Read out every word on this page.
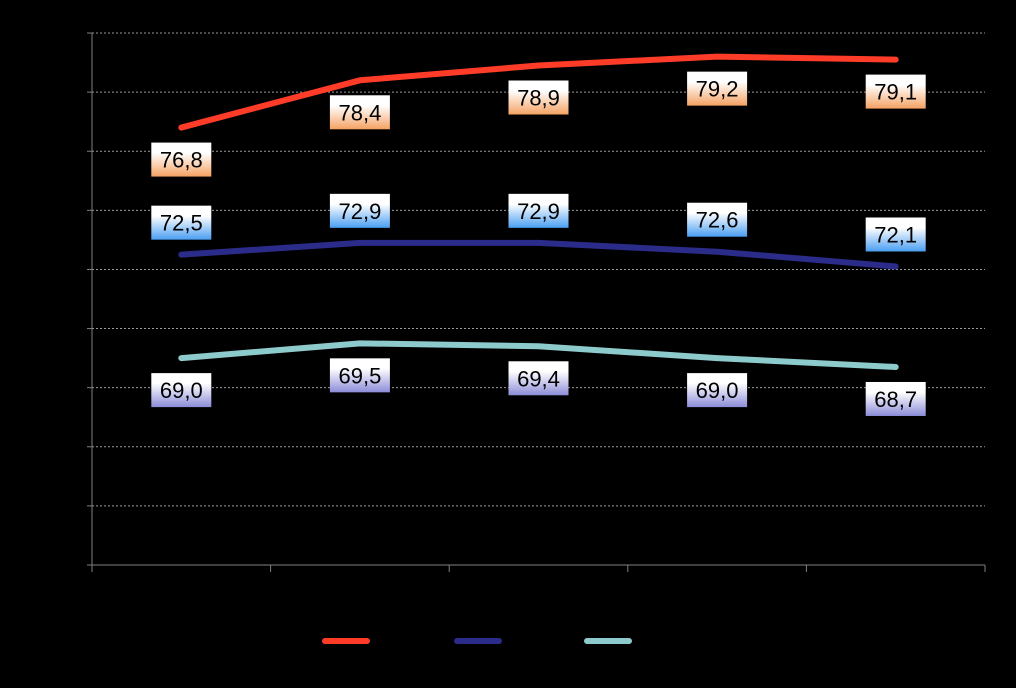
76,8
78,4
78,9	79,2	79,1
72,5	72,9	72,9	72,6
72,1
69,0
69,5	69,4	69,0	68,7
